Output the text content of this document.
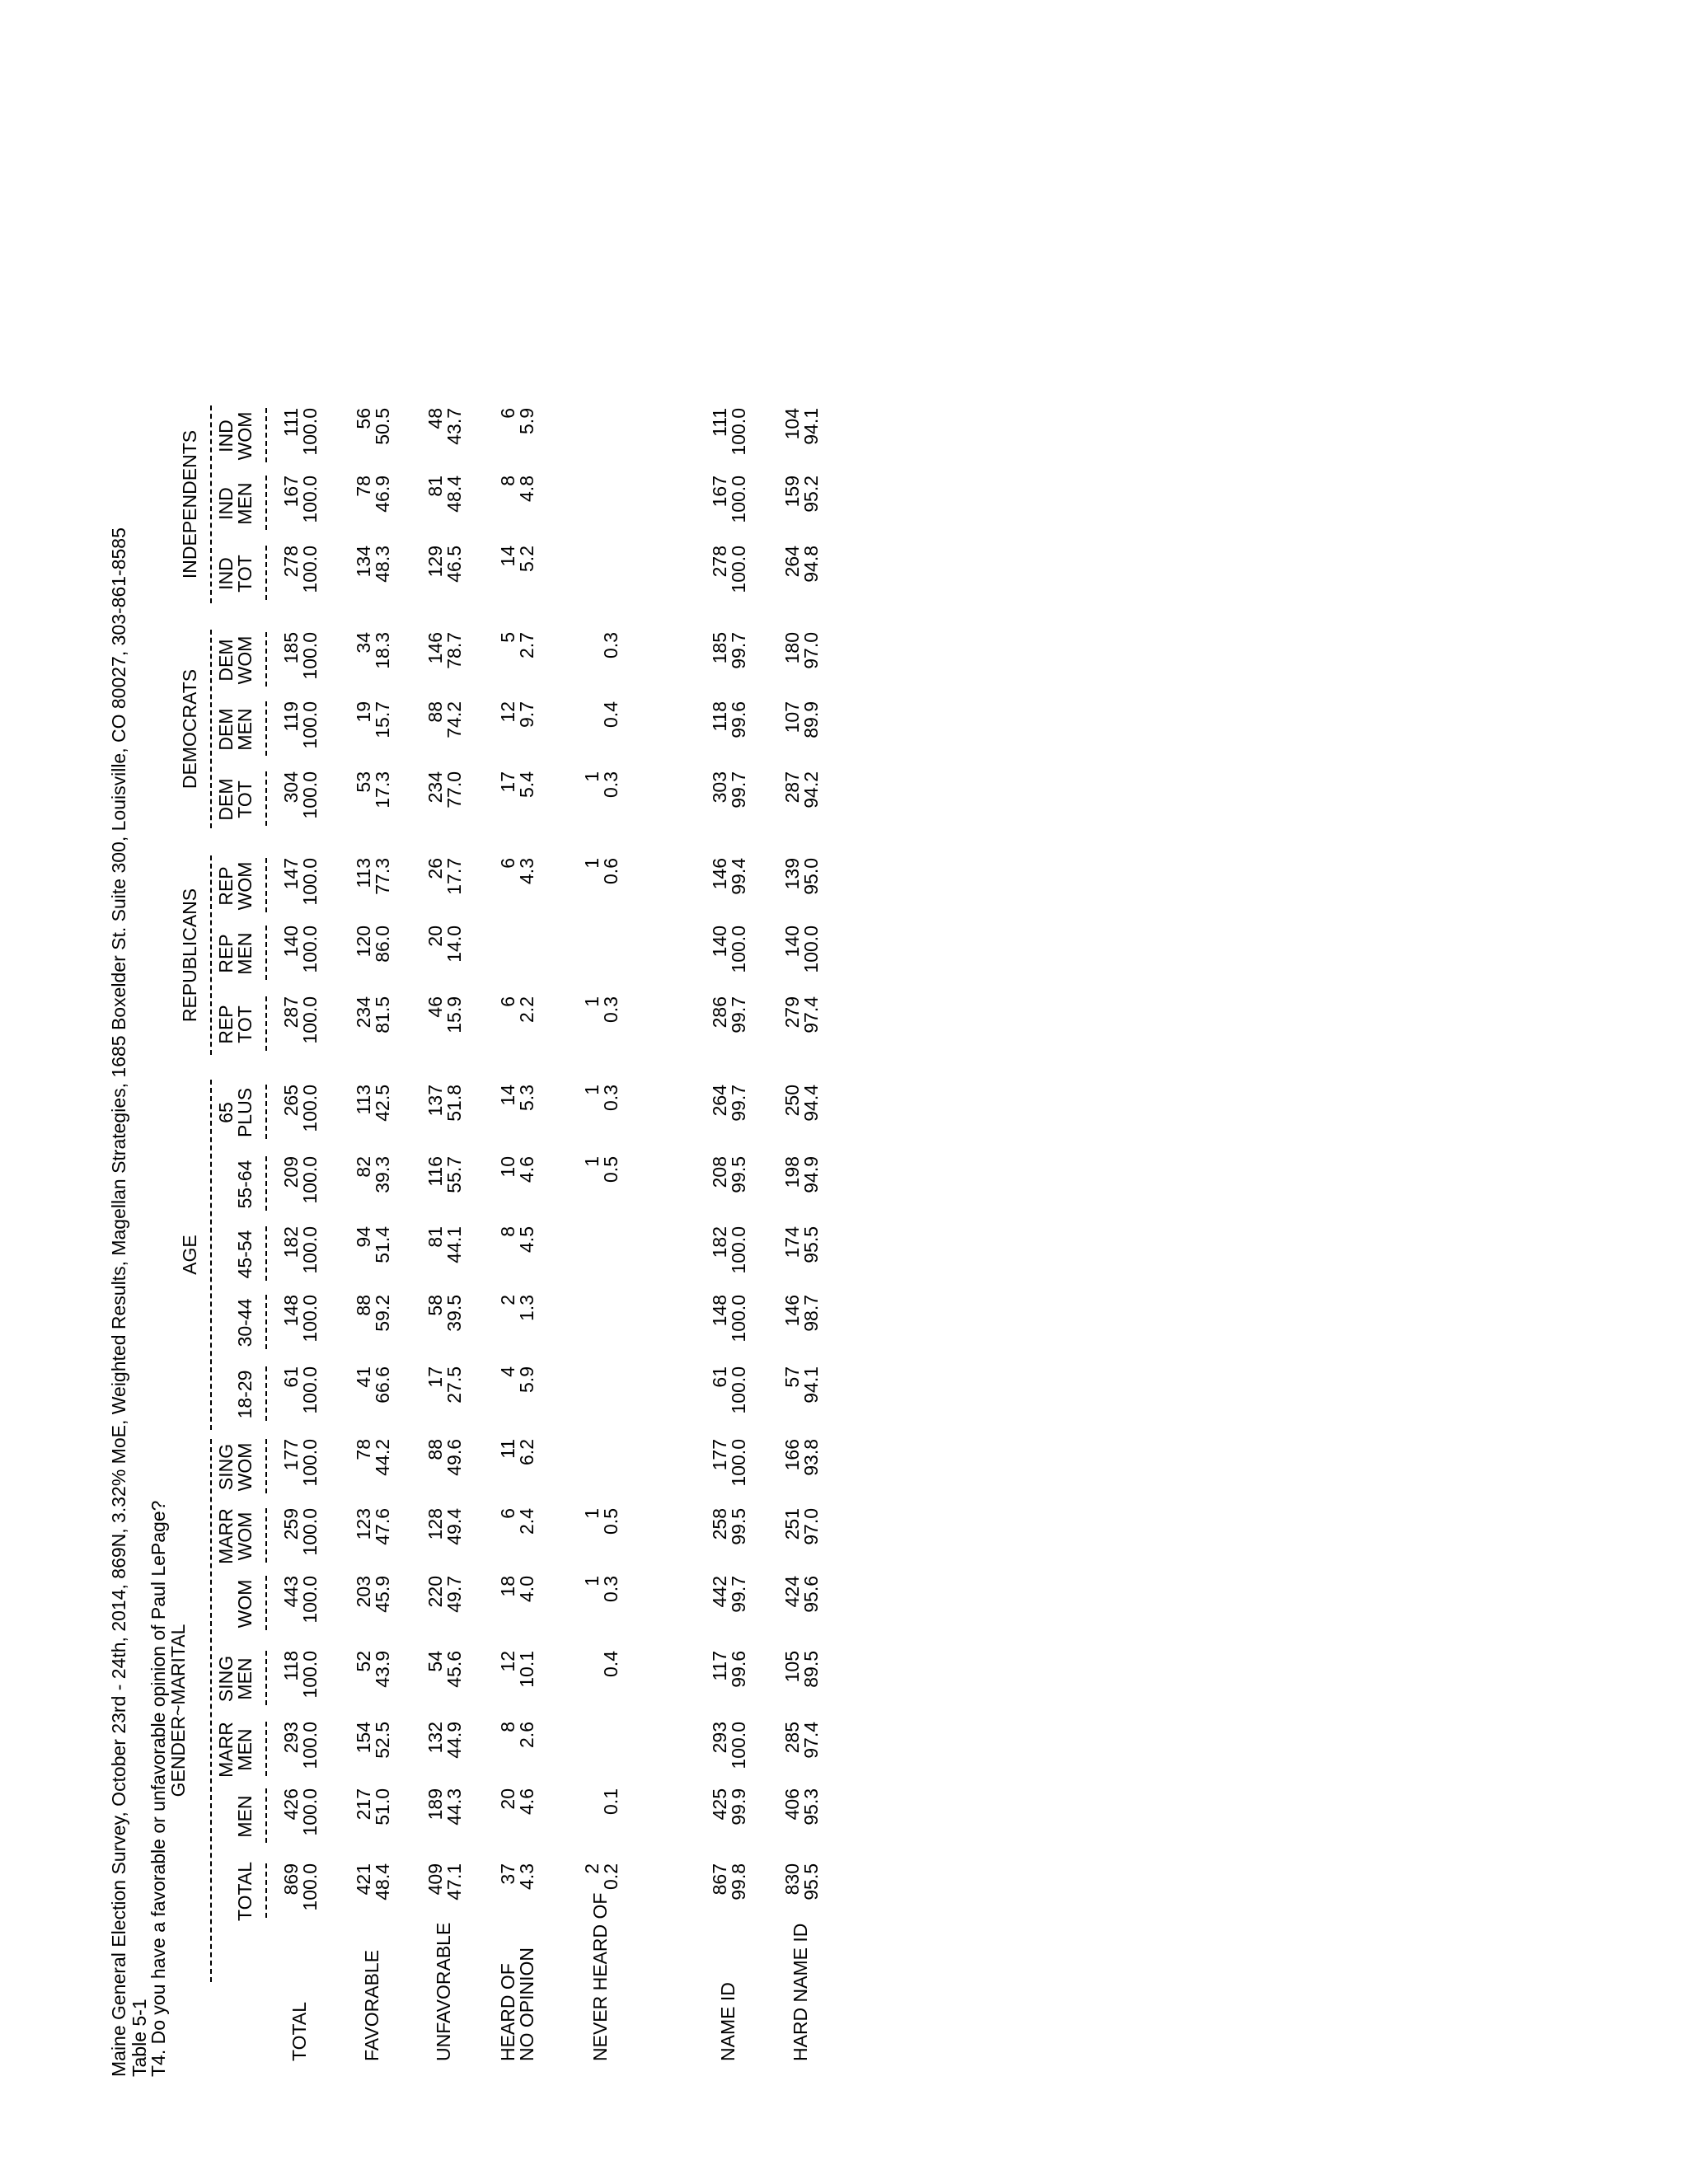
Maine General Election Survey, October 23rd - 24th, 2014, 869N, 3.32% MoE, Weighted Results, Magellan Strategies, 1685 Boxelder St. Suite 300, Louisville, CO 80027, 303-861-8585 Table 5-1
T4. Do you have a favorable or unfavorable opinion of Paul LePage?
GENDER~MARITAL
AGE
REPUBLICANS
DEMOCRATS
INDEPENDENTS
TOTAL
MEN
MARR
MEN
SING
MEN
WOM
MARR
WOM
SING
WOM
18-29
30-44
45-54
55-64
65
PLUS
REP
TOT
REP
MEN
REP
WOM
DEM
TOT
DEM
MEN
DEM
WOM
IND
TOT
IND
MEN
IND
WOM
TOTAL
869
426
293
118
443
259
177
61
148
182
209
265
287
140
147
304
119
185
278
167
111
100.0
100.0
100.0
100.0
100.0
100.0
100.0
100.0
100.0
100.0
100.0
100.0
100.0
100.0
100.0
100.0
100.0
100.0
100.0
100.0
100.0
FAVORABLE
421
217
154
52
203
123
78
41
88
94
82
113
234
120
113
53
19
34
134
78
56
48.4
51.0
52.5
43.9
45.9
47.6
44.2
66.6
59.2
51.4
39.3
42.5
81.5
86.0
77.3
17.3
15.7
18.3
48.3
46.9
50.5
UNFAVORABLE
409
189
132
54
220
128
88
17
58
81
116
137
46
20
26
234
88
146
129
81
48
47.1
44.3
44.9
45.6
49.7
49.4
49.6
27.5
39.5
44.1
55.7
51.8
15.9
14.0
17.7
77.0
74.2
78.7
46.5
48.4
43.7
HEARD OF
NO OPINION
37
20
8
12
18
6
11
4
2
8
10
14
6
6
17
12
5
14
8
6
4.3
4.6
2.6
10.1
4.0
2.4
6.2
5.9
1.3
4.5
4.6
5.3
2.2
4.3
5.4
9.7
2.7
5.2
4.8
5.9
NEVER HEARD OF
2
1
1
1
1
1
1
1
0.2
0.1
0.4
0.3
0.5
0.5
0.3
0.3
0.6
0.3
0.4
0.3
NAME ID
867
425
293
117
442
258
177
61
148
182
208
264
286
140
146
303
118
185
278
167
111
99.8
99.9
100.0
99.6
99.7
99.5
100.0
100.0
100.0
100.0
99.5
99.7
99.7
100.0
99.4
99.7
99.6
99.7
100.0
100.0
100.0
HARD NAME ID
830
406
285
105
424
251
166
57
146
174
198
250
279
140
139
287
107
180
264
159
104
95.5
95.3
97.4
89.5
95.6
97.0
93.8
94.1
98.7
95.5
94.9
94.4
97.4
100.0
95.0
94.2
89.9
97.0
94.8
95.2
94.1
